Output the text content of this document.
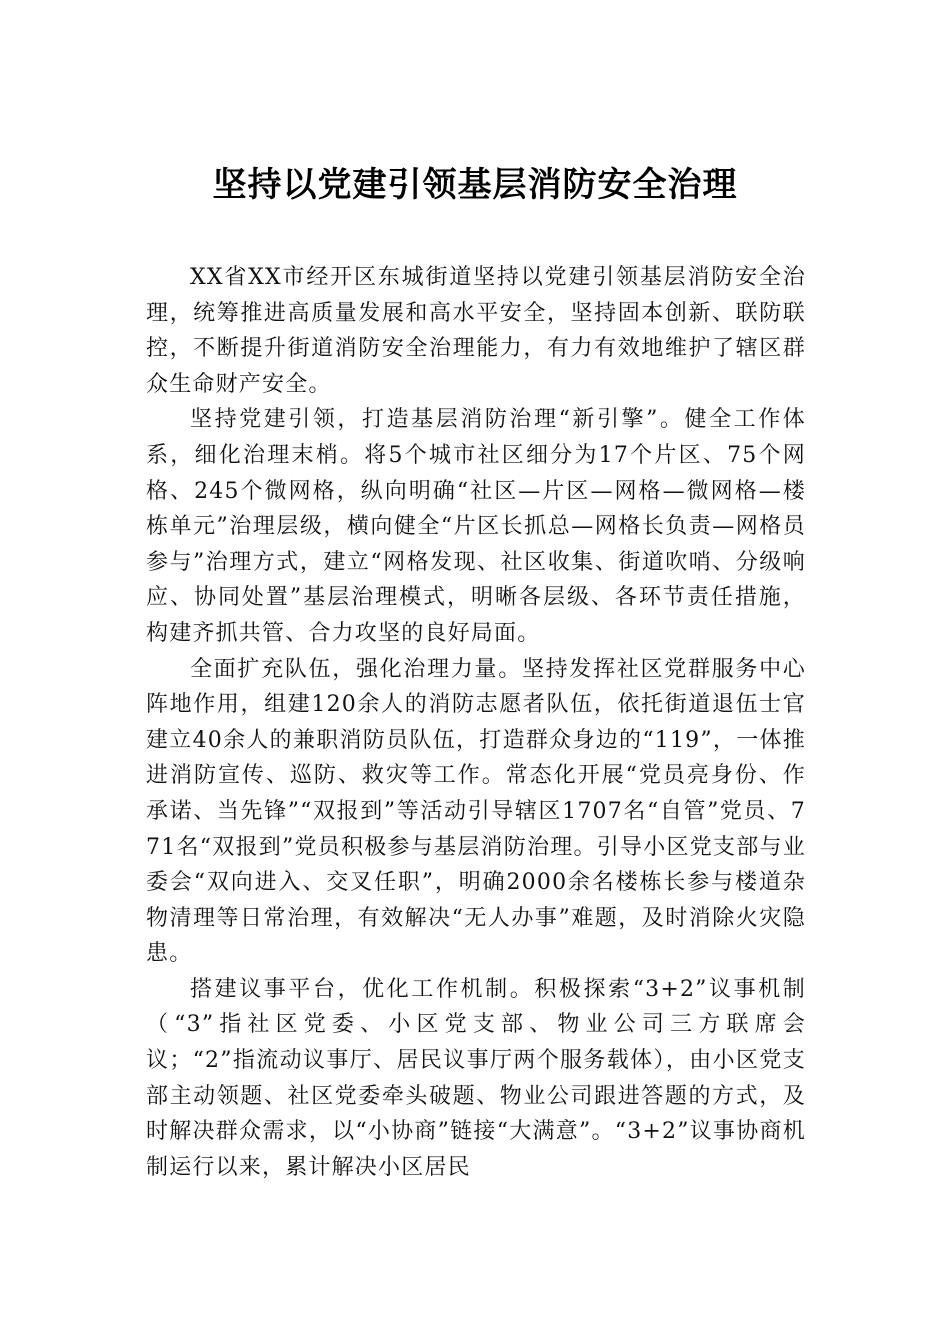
坚持以党建引领基层消防安全治理

XX省XX市经开区东城街道坚持以党建引领基层消防安全治理，统筹推进高质量发展和高水平安全，坚持固本创新、联防联控，不断提升街道消防安全治理能力，有力有效地维护了辖区群众生命财产安全。

坚持党建引领，打造基层消防治理“新引擎”。健全工作体系，细化治理末梢。将5个城市社区细分为17个片区、75个网格、245个微网格，纵向明确“社区—片区—网格—微网格—楼栋单元”治理层级，横向健全“片区长抓总—网格长负责—网格员参与”治理方式，建立“网格发现、社区收集、街道吹哨、分级响应、协同处置”基层治理模式，明晰各层级、各环节责任措施，构建齐抓共管、合力攻坚的良好局面。

全面扩充队伍，强化治理力量。坚持发挥社区党群服务中心阵地作用，组建120余人的消防志愿者队伍，依托街道退伍士官建立40余人的兼职消防员队伍，打造群众身边的“119”，一体推进消防宣传、巡防、救灾等工作。常态化开展“党员亮身份、作承诺、当先锋”“双报到”等活动引导辖区1707名“自管”党员、771名“双报到”党员积极参与基层消防治理。引导小区党支部与业委会“双向进入、交叉任职”，明确2000余名楼栋长参与楼道杂物清理等日常治理，有效解决“无人办事”难题，及时消除火灾隐患。

搭建议事平台，优化工作机制。积极探索“3+2”议事机制（“3”指社区党委、小区党支部、物业公司三方联席会议；“2”指流动议事厅、居民议事厅两个服务载体），由小区党支部主动领题、社区党委牵头破题、物业公司跟进答题的方式，及时解决群众需求，以“小协商”链接“大满意”。“3+2”议事协商机制运行以来，累计解决小区居民
